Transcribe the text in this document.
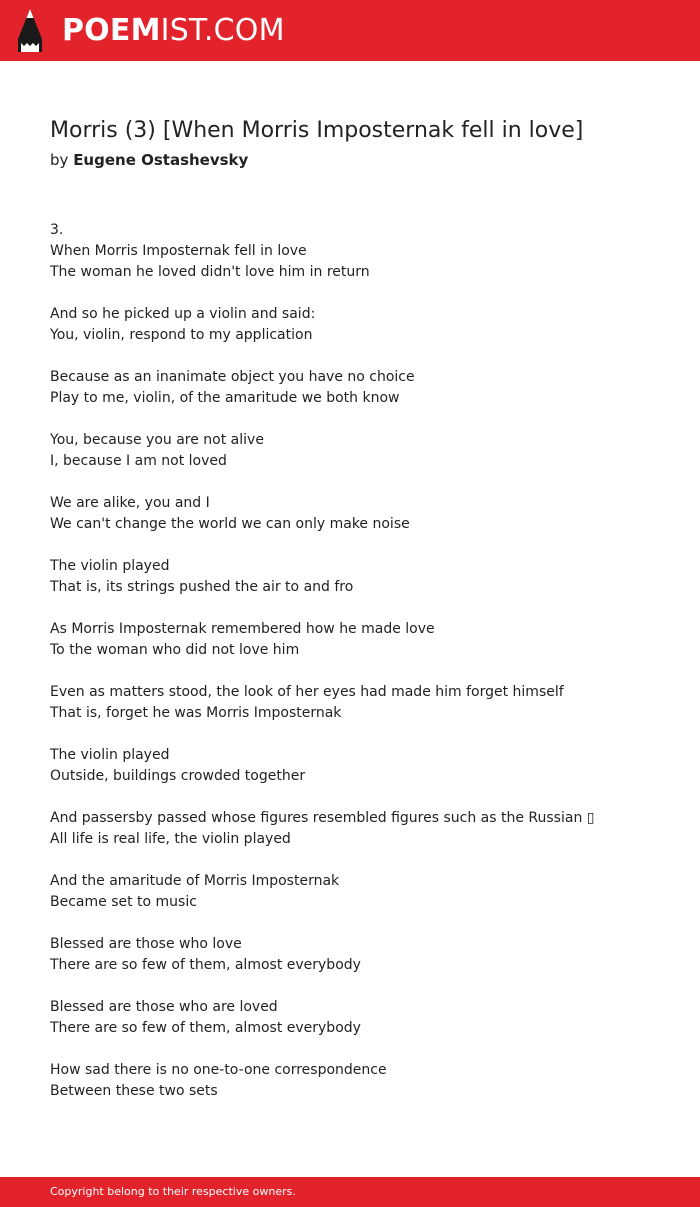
POEMIST.COM
Morris (3) [When Morris Imposternak fell in love]
by Eugene Ostashevsky
3.
When Morris Imposternak fell in love
The woman he loved didn't love him in return
And so he picked up a violin and said:
You, violin, respond to my application
Because as an inanimate object you have no choice
Play to me, violin, of the amaritude we both know
You, because you are not alive
I, because I am not loved
We are alike, you and I
We can't change the world we can only make noise
The violin played
That is, its strings pushed the air to and fro
As Morris Imposternak remembered how he made love
To the woman who did not love him
Even as matters stood, the look of her eyes had made him forget himself
That is, forget he was Morris Imposternak
The violin played
Outside, buildings crowded together
And passersby passed whose figures resembled figures such as the Russian ▯
All life is real life, the violin played
And the amaritude of Morris Imposternak
Became set to music
Blessed are those who love
There are so few of them, almost everybody
Blessed are those who are loved
There are so few of them, almost everybody
How sad there is no one-to-one correspondence
Between these two sets
Copyright belong to their respective owners.
